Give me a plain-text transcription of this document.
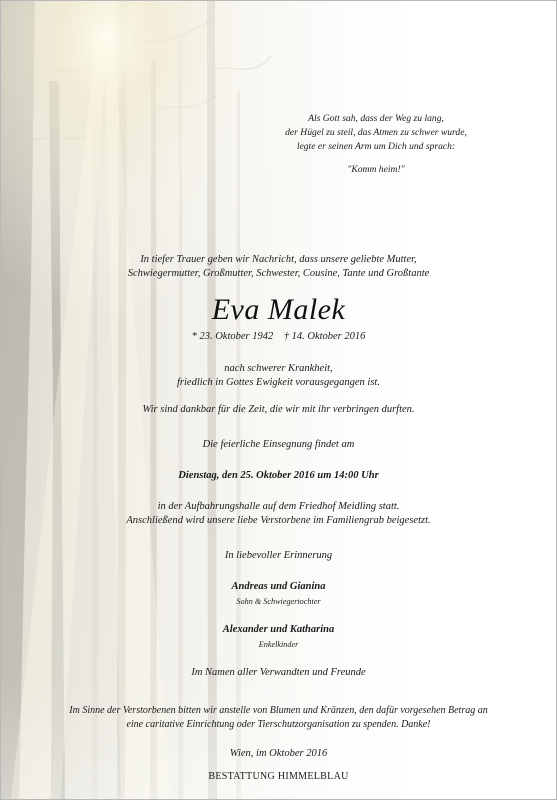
Als Gott sah, dass der Weg zu lang,
der Hügel zu steil, das Atmen zu schwer wurde,
legte er seinen Arm um Dich und sprach:
"Komm heim!"
In tiefer Trauer geben wir Nachricht, dass unsere geliebte Mutter,
Schwiegermutter, Großmutter, Schwester, Cousine, Tante und Großtante
Eva Malek
* 23. Oktober 1942    † 14. Oktober 2016
nach schwerer Krankheit,
friedlich in Gottes Ewigkeit vorausgegangen ist.
Wir sind dankbar für die Zeit, die wir mit ihr verbringen durften.
Die feierliche Einsegnung findet am
Dienstag, den 25. Oktober 2016 um 14:00 Uhr
in der Aufbahrungshalle auf dem Friedhof Meidling statt.
Anschließend wird unsere liebe Verstorbene im Familiengrab beigesetzt.
In liebevoller Erinnerung
Andreas und Gianina
Sohn & Schwiegertochter
Alexander und Katharina
Enkelkinder
Im Namen aller Verwandten und Freunde
Im Sinne der Verstorbenen bitten wir anstelle von Blumen und Kränzen, den dafür vorgesehen Betrag an
eine caritative Einrichtung oder Tierschutzorganisation zu spenden. Danke!
Wien, im Oktober 2016
BESTATTUNG HIMMELBLAU
